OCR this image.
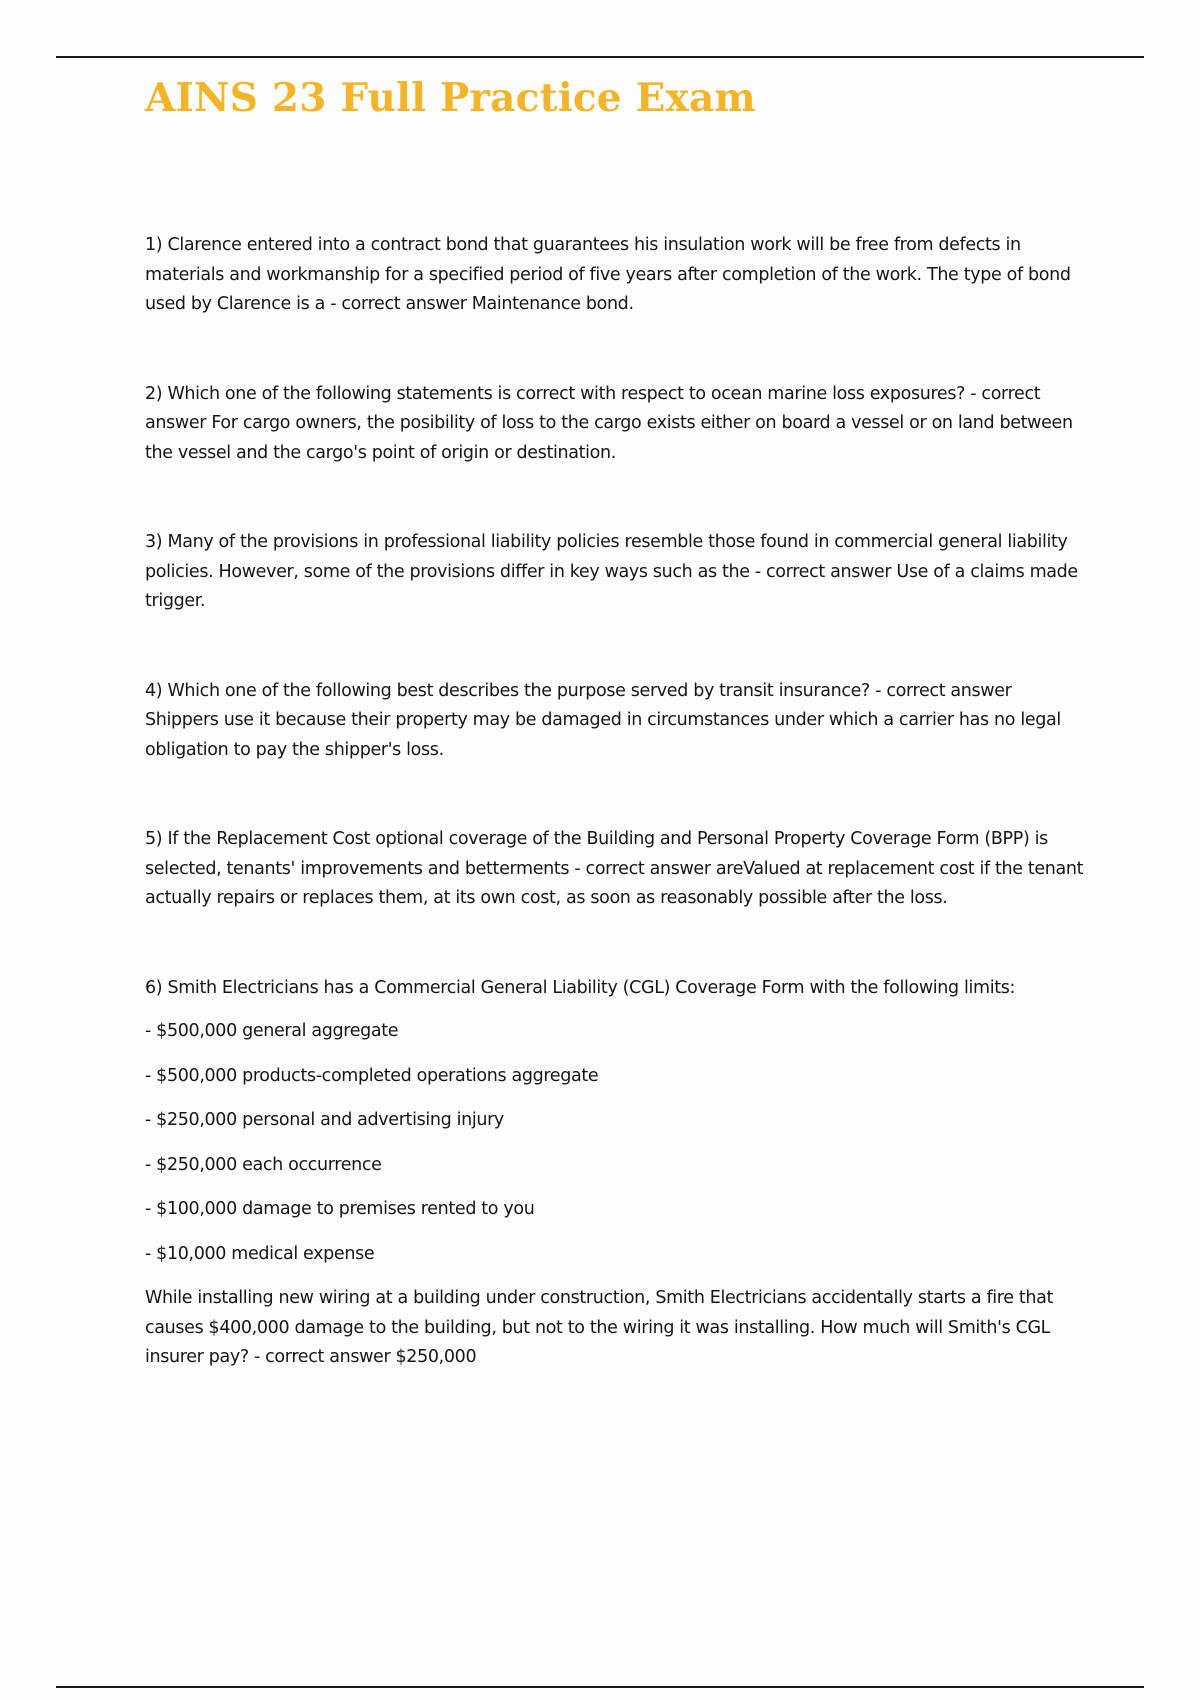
AINS 23 Full Practice Exam

1) Clarence entered into a contract bond that guarantees his insulation work will be free from defects in materials and workmanship for a specified period of five years after completion of the work. The type of bond used by Clarence is a - correct answer Maintenance bond.

2) Which one of the following statements is correct with respect to ocean marine loss exposures? - correct answer For cargo owners, the posibility of loss to the cargo exists either on board a vessel or on land between the vessel and the cargo's point of origin or destination.

3) Many of the provisions in professional liability policies resemble those found in commercial general liability policies. However, some of the provisions differ in key ways such as the - correct answer Use of a claims made trigger.

4) Which one of the following best describes the purpose served by transit insurance? - correct answer Shippers use it because their property may be damaged in circumstances under which a carrier has no legal obligation to pay the shipper's loss.

5) If the Replacement Cost optional coverage of the Building and Personal Property Coverage Form (BPP) is selected, tenants' improvements and betterments - correct answer areValued at replacement cost if the tenant actually repairs or replaces them, at its own cost, as soon as reasonably possible after the loss.

6) Smith Electricians has a Commercial General Liability (CGL) Coverage Form with the following limits:

- $500,000 general aggregate
- $500,000 products-completed operations aggregate
- $250,000 personal and advertising injury
- $250,000 each occurrence
- $100,000 damage to premises rented to you
- $10,000 medical expense

While installing new wiring at a building under construction, Smith Electricians accidentally starts a fire that causes $400,000 damage to the building, but not to the wiring it was installing. How much will Smith's CGL insurer pay? - correct answer $250,000
